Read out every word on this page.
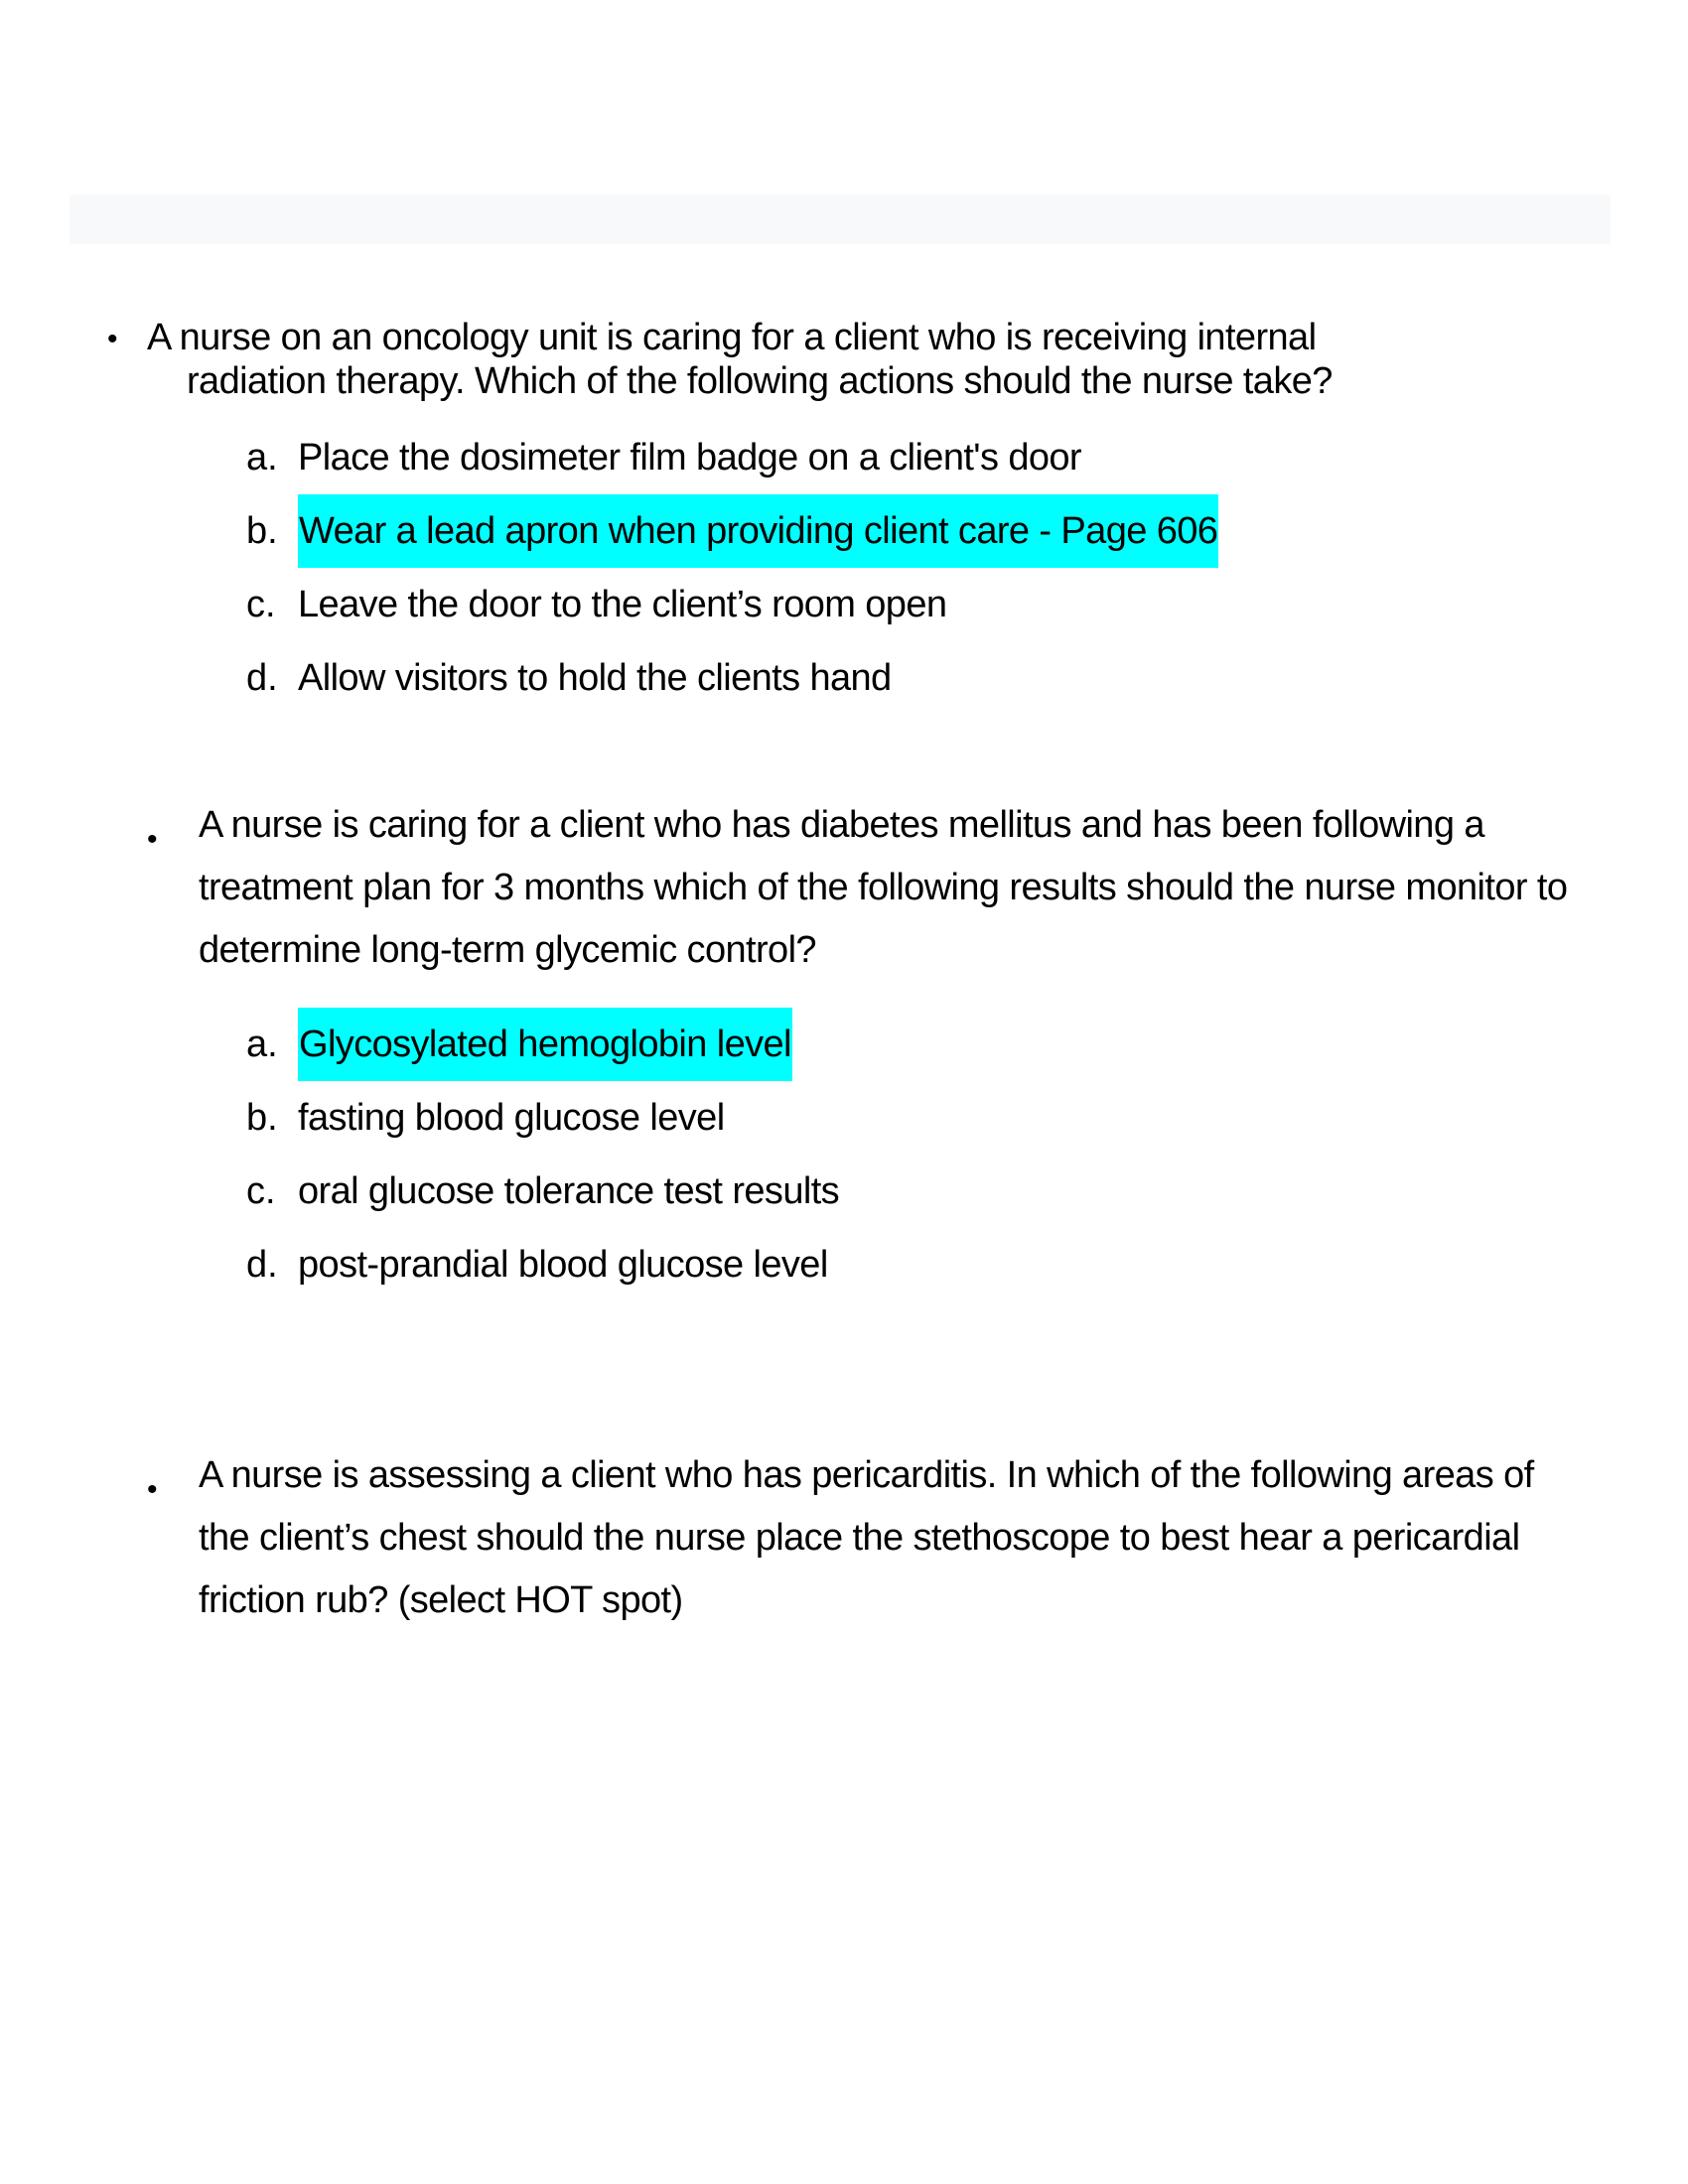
• A nurse on an oncology unit is caring for a client who is receiving internal
radiation therapy. Which of the following actions should the nurse take?
a. Place the dosimeter film badge on a client's door
b. Wear a lead apron when providing client care - Page 606
c. Leave the door to the client’s room open
d. Allow visitors to hold the clients hand
• A nurse is caring for a client who has diabetes mellitus and has been following a treatment plan for 3 months which of the following results should the nurse monitor to determine long-term glycemic control?
a. Glycosylated hemoglobin level
b. fasting blood glucose level
c. oral glucose tolerance test results
d. post-prandial blood glucose level
• A nurse is assessing a client who has pericarditis. In which of the following areas of the client’s chest should the nurse place the stethoscope to best hear a pericardial friction rub? (select HOT spot)
